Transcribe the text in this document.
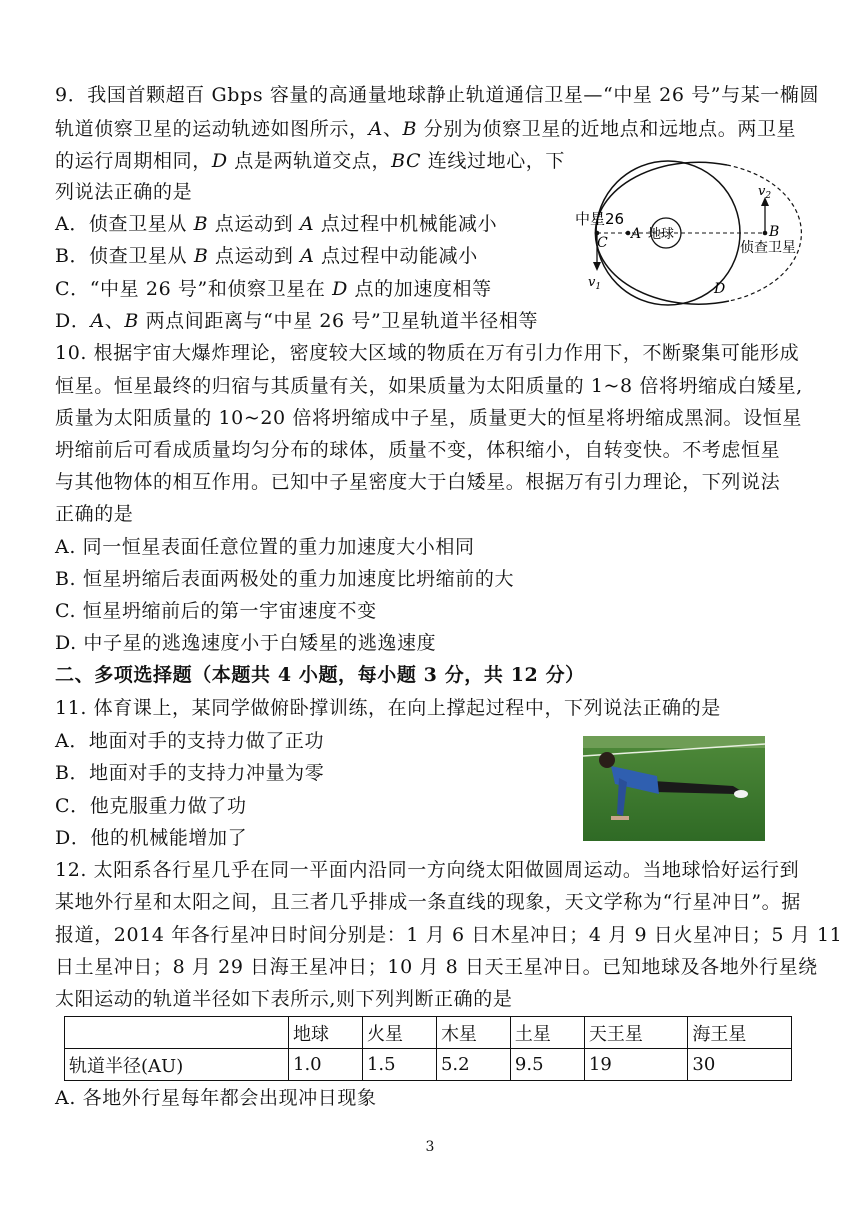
9．我国首颗超百 Gbps 容量的高通量地球静止轨道通信卫星—“中星 26 号”与某一椭圆
轨道侦察卫星的运动轨迹如图所示，A、B 分别为侦察卫星的近地点和远地点。两卫星
的运行周期相同，D 点是两轨道交点，BC 连线过地心，下
列说法正确的是
A．侦查卫星从 B 点运动到 A 点过程中机械能减小
B．侦查卫星从 B 点运动到 A 点过程中动能减小
C．“中星 26 号”和侦察卫星在 D 点的加速度相等
D．A、B 两点间距离与“中星 26 号”卫星轨道半径相等
中星26
C
A 地球	B
侦查卫星
D
$v_1$
$v_2$
10. 根据宇宙大爆炸理论，密度较大区域的物质在万有引力作用下，不断聚集可能形成
恒星。恒星最终的归宿与其质量有关，如果质量为太阳质量的 1~8 倍将坍缩成白矮星,
质量为太阳质量的 10~20 倍将坍缩成中子星，质量更大的恒星将坍缩成黑洞。设恒星
坍缩前后可看成质量均匀分布的球体，质量不变，体积缩小，自转变快。不考虑恒星
与其他物体的相互作用。已知中子星密度大于白矮星。根据万有引力理论，下列说法
正确的是
A. 同一恒星表面任意位置的重力加速度大小相同
B. 恒星坍缩后表面两极处的重力加速度比坍缩前的大
C. 恒星坍缩前后的第一宇宙速度不变
D. 中子星的逃逸速度小于白矮星的逃逸速度
二、多项选择题（本题共 4 小题，每小题 3 分，共 12 分）
11. 体育课上，某同学做俯卧撑训练，在向上撑起过程中，下列说法正确的是
A．地面对手的支持力做了正功
B．地面对手的支持力冲量为零
C．他克服重力做了功
D．他的机械能增加了
12. 太阳系各行星几乎在同一平面内沿同一方向绕太阳做圆周运动。当地球恰好运行到
某地外行星和太阳之间，且三者几乎排成一条直线的现象，天文学称为“行星冲日”。据
报道，2014 年各行星冲日时间分别是：1 月 6 日木星冲日；4 月 9 日火星冲日；5 月 11
日土星冲日；8 月 29 日海王星冲日；10 月 8 日天王星冲日。已知地球及各地外行星绕
太阳运动的轨道半径如下表所示,则下列判断正确的是
	地球	火星	木星	土星	天王星	海王星
轨道半径(AU)	1.0	1.5	5.2	9.5	19	30
A. 各地外行星每年都会出现冲日现象
3
